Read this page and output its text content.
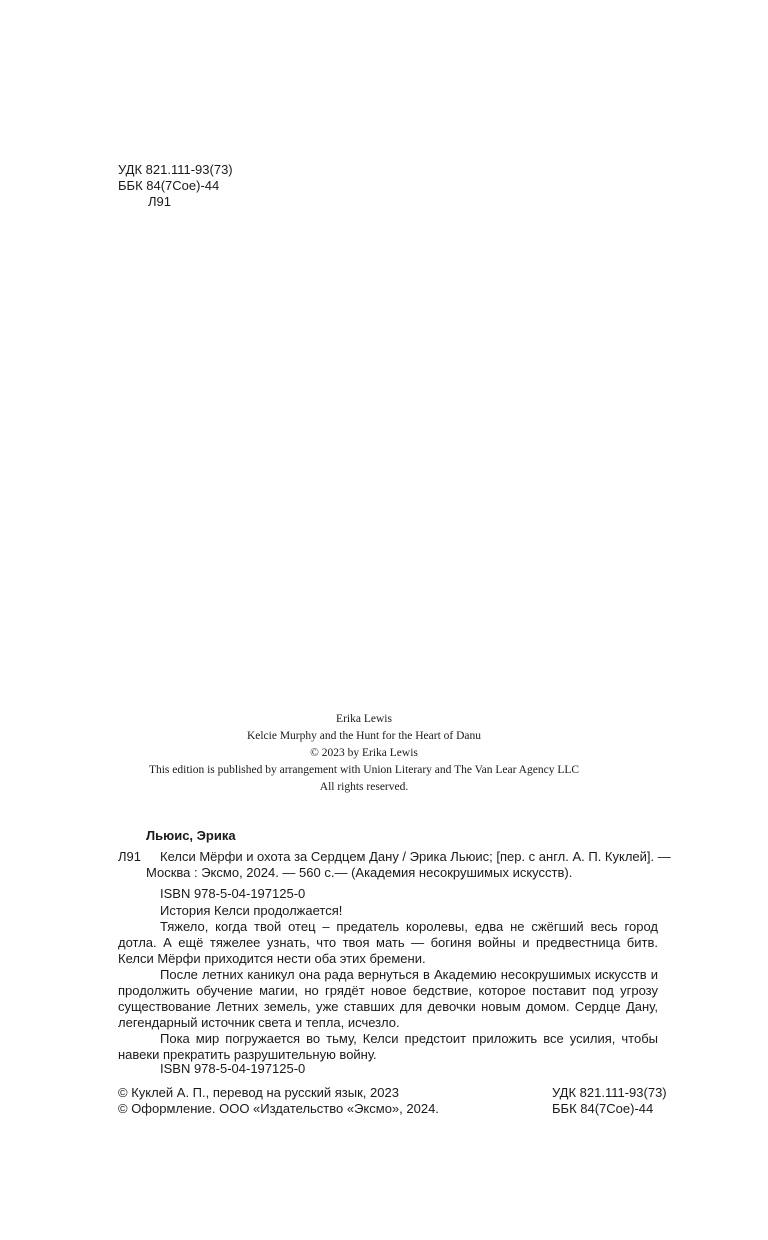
УДК 821.111-93(73)
ББК 84(7Сое)-44
Л91
Erika Lewis
Kelcie Murphy and the Hunt for the Heart of Danu
© 2023 by Erika Lewis
This edition is published by arrangement with Union Literary and The Van Lear Agency LLC
All rights reserved.
Льюис, Эрика
Л91	Келси Мёрфи и охота за Сердцем Дану / Эрика Льюис; [пер. с англ. А. П. Куклей]. —
Москва : Эксмо, 2024. — 560 с.— (Академия несокрушимых искусств).
ISBN 978-5-04-197125-0

История Келси продолжается!

Тяжело, когда твой отец – предатель королевы, едва не сжёгший весь город дотла. А ещё тяжелее узнать, что твоя мать — богиня войны и предвестница битв. Келси Мёрфи приходится нести оба этих бремени.

После летних каникул она рада вернуться в Академию несокрушимых искусств и продолжить обучение магии, но грядёт новое бедствие, которое поставит под угрозу существование Летних земель, уже ставших для девочки новым домом. Сердце Дану, легендарный источник света и тепла, исчезло.

Пока мир погружается во тьму, Келси предстоит приложить все усилия, чтобы навеки прекратить разрушительную войну.

ISBN 978-5-04-197125-0
© Куклей А. П., перевод на русский язык, 2023
© Оформление. ООО «Издательство «Эксмо», 2024.
УДК 821.111-93(73)
ББК 84(7Сое)-44
